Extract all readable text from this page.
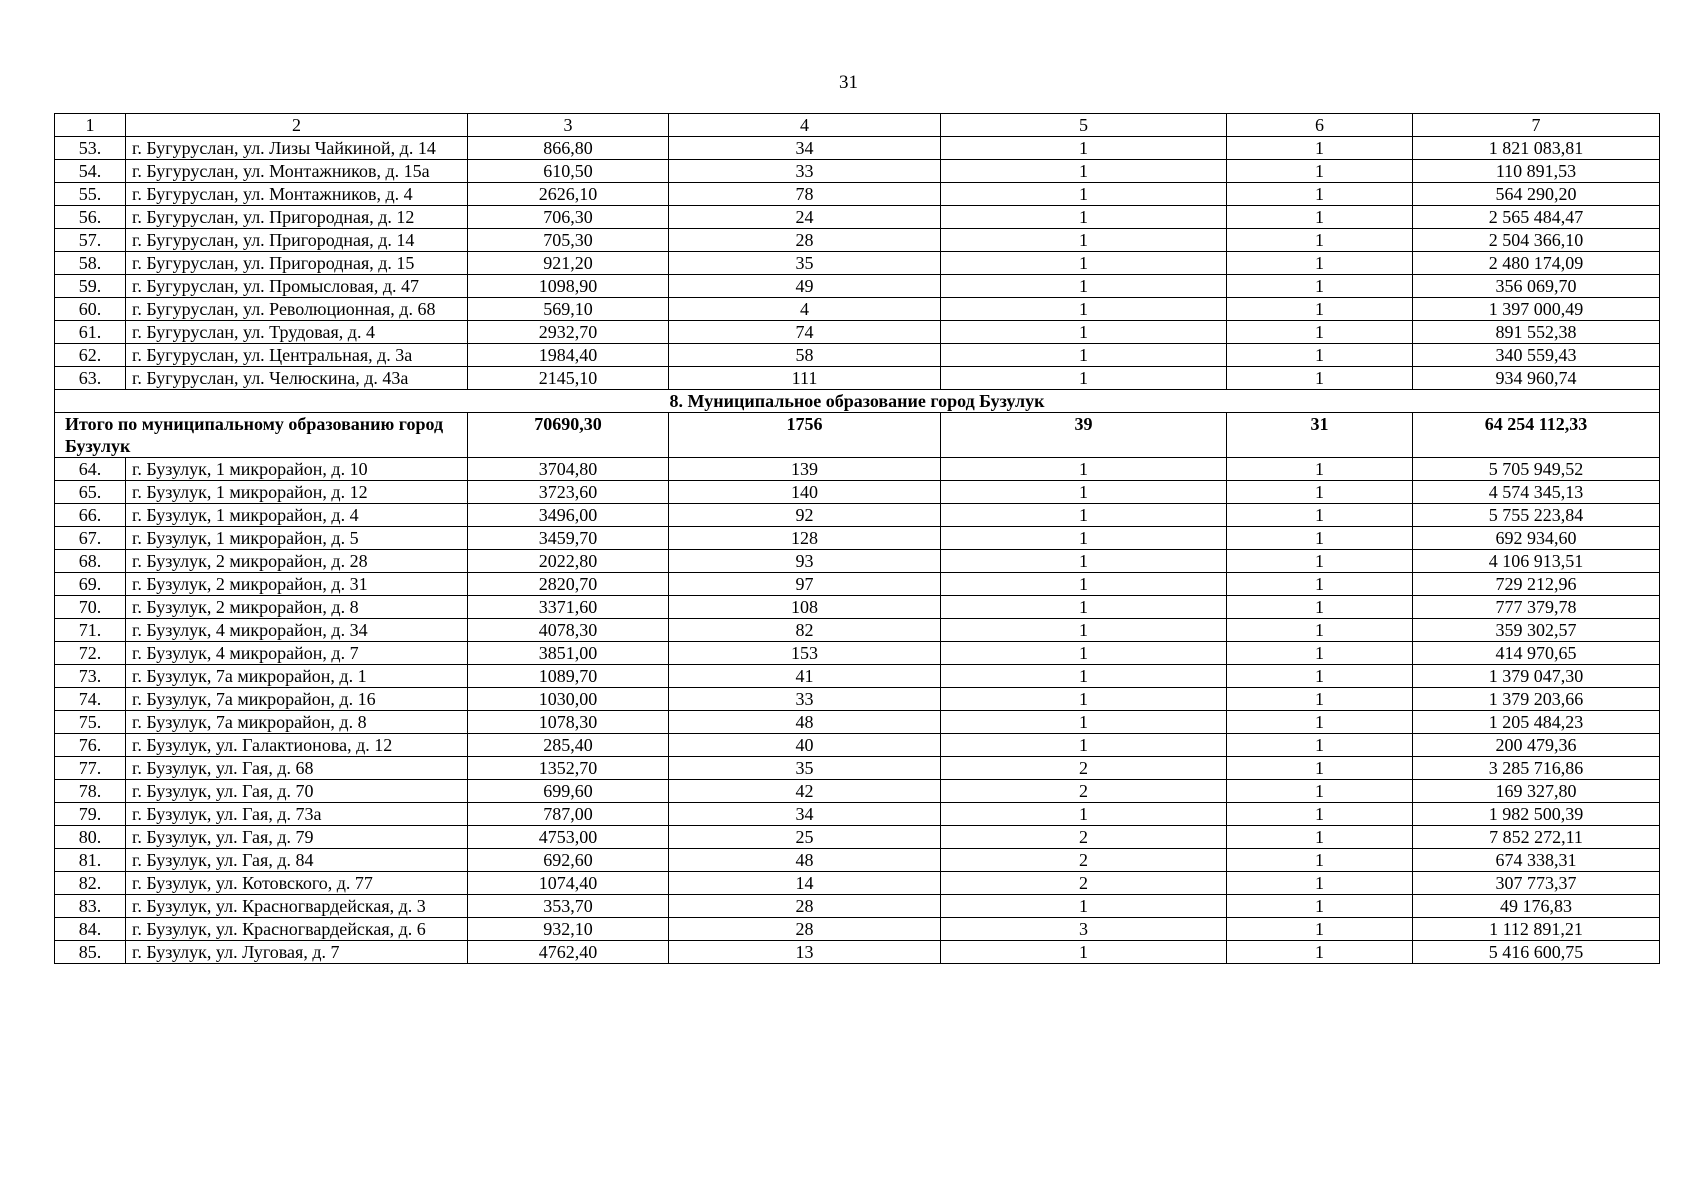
31
1	2	3	4	5	6	7
53.	г. Бугуруслан, ул. Лизы Чайкиной, д. 14	866,80	34	1	1	1 821 083,81
54.	г. Бугуруслан, ул. Монтажников, д. 15а	610,50	33	1	1	110 891,53
55.	г. Бугуруслан, ул. Монтажников, д. 4	2626,10	78	1	1	564 290,20
56.	г. Бугуруслан, ул. Пригородная, д. 12	706,30	24	1	1	2 565 484,47
57.	г. Бугуруслан, ул. Пригородная, д. 14	705,30	28	1	1	2 504 366,10
58.	г. Бугуруслан, ул. Пригородная, д. 15	921,20	35	1	1	2 480 174,09
59.	г. Бугуруслан, ул. Промысловая, д. 47	1098,90	49	1	1	356 069,70
60.	г. Бугуруслан, ул. Революционная, д. 68	569,10	4	1	1	1 397 000,49
61.	г. Бугуруслан, ул. Трудовая, д. 4	2932,70	74	1	1	891 552,38
62.	г. Бугуруслан, ул. Центральная, д. 3а	1984,40	58	1	1	340 559,43
63.	г. Бугуруслан, ул. Челюскина, д. 43а	2145,10	111	1	1	934 960,74
8. Муниципальное образование город Бузулук						
Итого по муниципальному образованию город Бузулук		70690,30	1756	39	31	64 254 112,33
64.	г. Бузулук, 1 микрорайон, д. 10	3704,80	139	1	1	5 705 949,52
65.	г. Бузулук, 1 микрорайон, д. 12	3723,60	140	1	1	4 574 345,13
66.	г. Бузулук, 1 микрорайон, д. 4	3496,00	92	1	1	5 755 223,84
67.	г. Бузулук, 1 микрорайон, д. 5	3459,70	128	1	1	692 934,60
68.	г. Бузулук, 2 микрорайон, д. 28	2022,80	93	1	1	4 106 913,51
69.	г. Бузулук, 2 микрорайон, д. 31	2820,70	97	1	1	729 212,96
70.	г. Бузулук, 2 микрорайон, д. 8	3371,60	108	1	1	777 379,78
71.	г. Бузулук, 4 микрорайон, д. 34	4078,30	82	1	1	359 302,57
72.	г. Бузулук, 4 микрорайон, д. 7	3851,00	153	1	1	414 970,65
73.	г. Бузулук, 7а микрорайон, д. 1	1089,70	41	1	1	1 379 047,30
74.	г. Бузулук, 7а микрорайон, д. 16	1030,00	33	1	1	1 379 203,66
75.	г. Бузулук, 7а микрорайон, д. 8	1078,30	48	1	1	1 205 484,23
76.	г. Бузулук, ул. Галактионова, д. 12	285,40	40	1	1	200 479,36
77.	г. Бузулук, ул. Гая, д. 68	1352,70	35	2	1	3 285 716,86
78.	г. Бузулук, ул. Гая, д. 70	699,60	42	2	1	169 327,80
79.	г. Бузулук, ул. Гая, д. 73а	787,00	34	1	1	1 982 500,39
80.	г. Бузулук, ул. Гая, д. 79	4753,00	25	2	1	7 852 272,11
81.	г. Бузулук, ул. Гая, д. 84	692,60	48	2	1	674 338,31
82.	г. Бузулук, ул. Котовского, д. 77	1074,40	14	2	1	307 773,37
83.	г. Бузулук, ул. Красногвардейская, д. 3	353,70	28	1	1	49 176,83
84.	г. Бузулук, ул. Красногвардейская, д. 6	932,10	28	3	1	1 112 891,21
85.	г. Бузулук, ул. Луговая, д. 7	4762,40	13	1	1	5 416 600,75
